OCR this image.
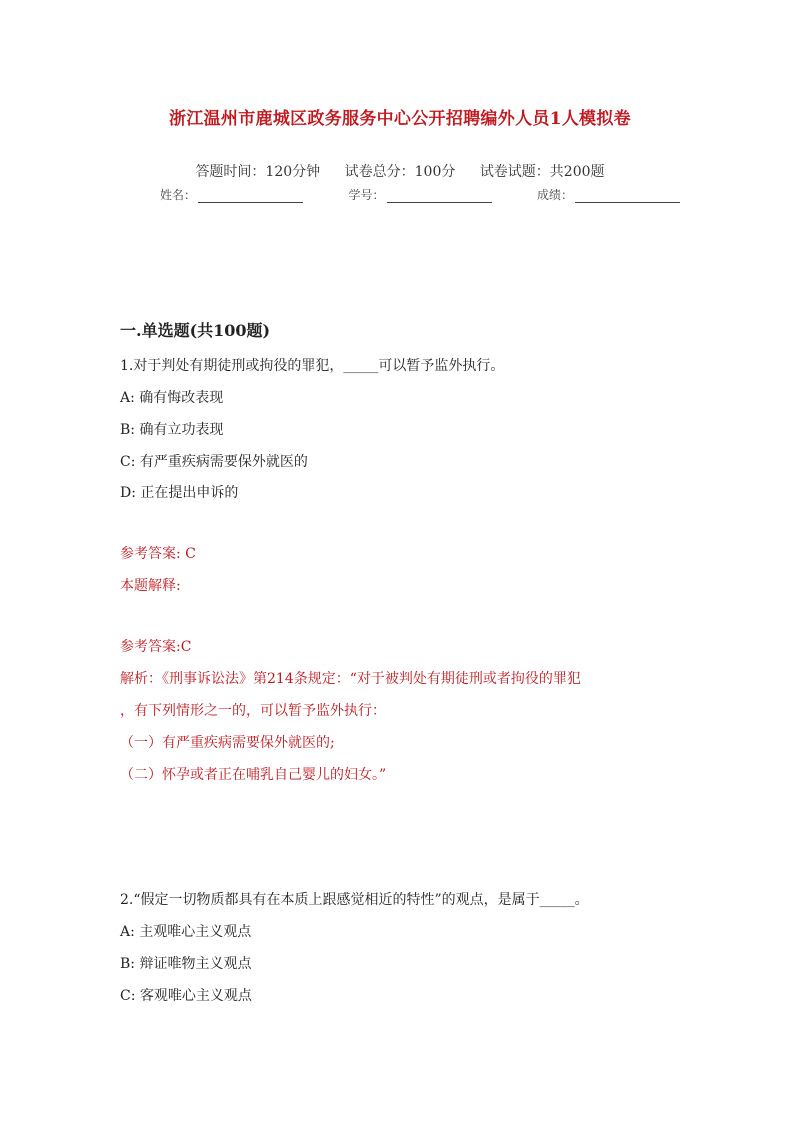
浙江温州市鹿城区政务服务中心公开招聘编外人员1人模拟卷
答题时间：120分钟 试卷总分：100分 试卷试题：共200题
姓名：	学号：	成绩：
一.单选题(共100题)
1.对于判处有期徒刑或拘役的罪犯，_____可以暂予监外执行。
A: 确有悔改表现
B: 确有立功表现
C: 有严重疾病需要保外就医的
D: 正在提出申诉的
参考答案: C
本题解释:
参考答案:C
解析：《刑事诉讼法》第214条规定：“对于被判处有期徒刑或者拘役的罪犯
，有下列情形之一的，可以暂予监外执行：
（一）有严重疾病需要保外就医的;
（二）怀孕或者正在哺乳自己婴儿的妇女。”
2.“假定一切物质都具有在本质上跟感觉相近的特性”的观点，是属于_____。
A: 主观唯心主义观点
B: 辩证唯物主义观点
C: 客观唯心主义观点
